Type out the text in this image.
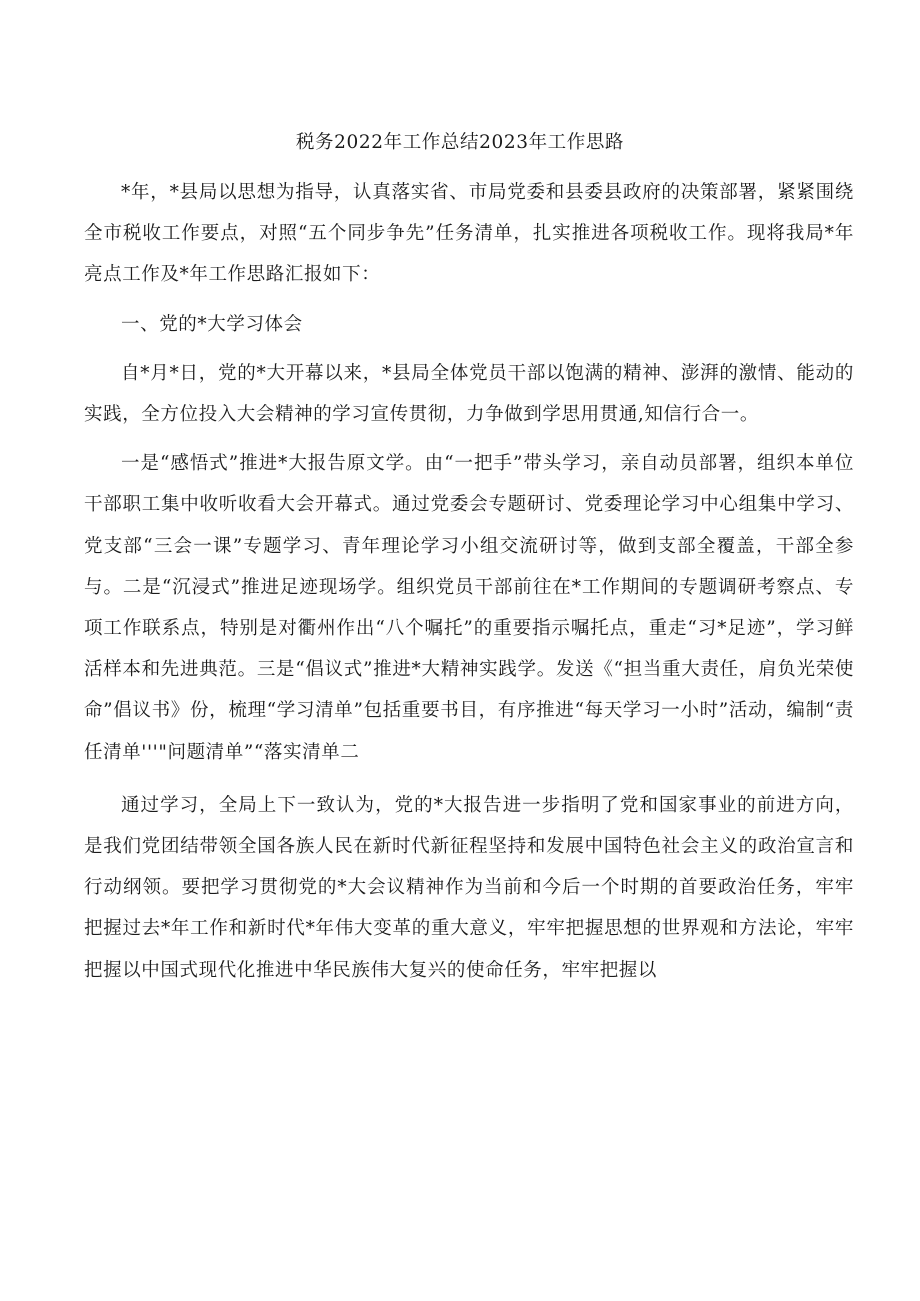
税务2022年工作总结2023年工作思路

*年，*县局以思想为指导，认真落实省、市局党委和县委县政府的决策部署，紧紧围绕全市税收工作要点，对照“五个同步争先”任务清单，扎实推进各项税收工作。现将我局*年亮点工作及*年工作思路汇报如下：

一、党的*大学习体会

自*月*日，党的*大开幕以来，*县局全体党员干部以饱满的精神、澎湃的激情、能动的实践，全方位投入大会精神的学习宣传贯彻，力争做到学思用贯通,知信行合一。

一是“感悟式”推进*大报告原文学。由“一把手”带头学习，亲自动员部署，组织本单位干部职工集中收听收看大会开幕式。通过党委会专题研讨、党委理论学习中心组集中学习、党支部“三会一课”专题学习、青年理论学习小组交流研讨等，做到支部全覆盖，干部全参与。二是“沉浸式”推进足迹现场学。组织党员干部前往在*工作期间的专题调研考察点、专项工作联系点，特别是对衢州作出“八个嘱托”的重要指示嘱托点，重走“习*足迹”，学习鲜活样本和先进典范。三是“倡议式”推进*大精神实践学。发送《“担当重大责任，肩负光荣使命”倡议书》份，梳理“学习清单”包括重要书目，有序推进“每天学习一小时”活动，编制“责任清单'''"问题清单”“落实清单二

通过学习，全局上下一致认为，党的*大报告进一步指明了党和国家事业的前进方向，是我们党团结带领全国各族人民在新时代新征程坚持和发展中国特色社会主义的政治宣言和行动纲领。要把学习贯彻党的*大会议精神作为当前和今后一个时期的首要政治任务，牢牢把握过去*年工作和新时代*年伟大变革的重大意义，牢牢把握思想的世界观和方法论，牢牢把握以中国式现代化推进中华民族伟大复兴的使命任务，牢牢把握以
